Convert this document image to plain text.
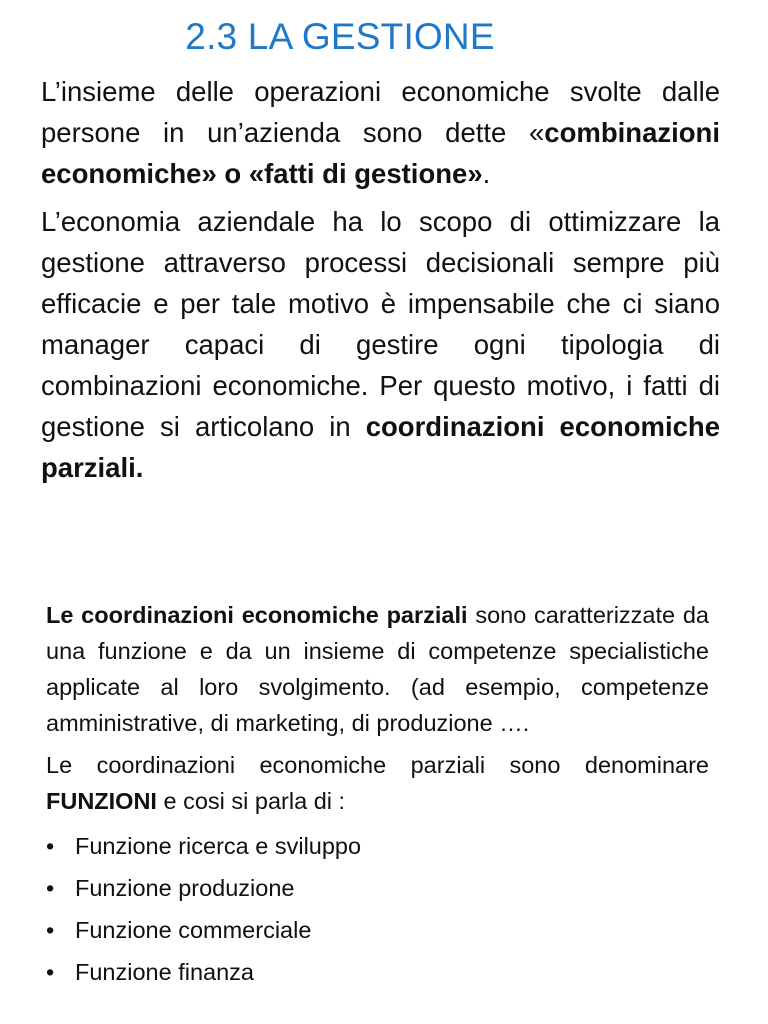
2.3 LA GESTIONE

L’insieme delle operazioni economiche svolte dalle persone in un’azienda sono dette «combinazioni economiche» o «fatti di gestione».

L’economia aziendale ha lo scopo di ottimizzare la gestione attraverso processi decisionali sempre più efficacie e per tale motivo è impensabile che ci siano manager capaci di gestire ogni tipologia di combinazioni economiche. Per questo motivo, i fatti di gestione si articolano in coordinazioni economiche parziali.

Le coordinazioni economiche parziali sono caratterizzate da una funzione e da un insieme di competenze specialistiche applicate al loro svolgimento. (ad esempio, competenze amministrative, di marketing, di produzione ….

Le coordinazioni economiche parziali sono denominare FUNZIONI e cosi si parla di :

• Funzione ricerca e sviluppo
• Funzione produzione
• Funzione commerciale
• Funzione finanza
